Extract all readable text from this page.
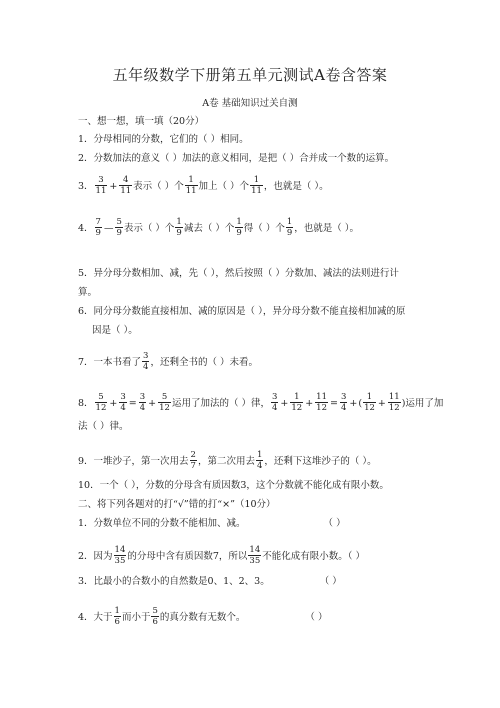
五年级数学下册第五单元测试A卷含答案
A卷 基础知识过关自测
一、想一想，填一填（20分）
1．分母相同的分数，它们的（ ）相同。
2．分数加法的意义（ ）加法的意义相同，是把（ ）合并成一个数的运算。
3． $\frac{3}{11} + \frac{4}{11}$ 表示（ ）个 $\frac{1}{11}$ 加上（ ）个 $\frac{1}{11}$ ，也就是（ ）。
4． $\frac{7}{9}$ — $\frac{5}{9}$ 表示（ ）个 $\frac{1}{9}$ 减去（ ）个 $\frac{1}{9}$ 得（ ）个 $\frac{1}{9}$ ，也就是（ ）。
5．异分母分数相加、减，先（ ），然后按照（ ）分数加、减法的法则进行计
算。
6．同分母分数能直接相加、减的原因是（ ），异分母分数不能直接相加减的原
因是（ ）。
7．一本书看了 $\frac{3}{4}$ ，还剩全书的（ ）未看。
8． $\frac{5}{12} + \frac{3}{4} = \frac{3}{4} + \frac{5}{12}$ 运用了加法的（ ）律， $\frac{3}{4} + \frac{1}{12} + \frac{11}{12} = \frac{3}{4}$ +( $\frac{1}{12} + \frac{11}{12}$ )运用了加
法（ ）律。
9．一堆沙子，第一次用去 $\frac{2}{7}$ ，第二次用去 $\frac{1}{4}$ ，还剩下这堆沙子的（ ）。
10．一个（ ），分数的分母含有质因数3，这个分数就不能化成有限小数。
二、将下列各题对的打“√”错的打“×”（10分）
1．分数单位不同的分数不能相加、减。	（ ）
2．因为 $\frac{14}{35}$ 的分母中含有质因数7，所以 $\frac{14}{35}$ 不能化成有限小数。（ ）
3．比最小的合数小的自然数是0、1、2、3。	（ ）
4．大于 $\frac{1}{6}$ 而小于 $\frac{5}{6}$ 的真分数有无数个。	（ ）
